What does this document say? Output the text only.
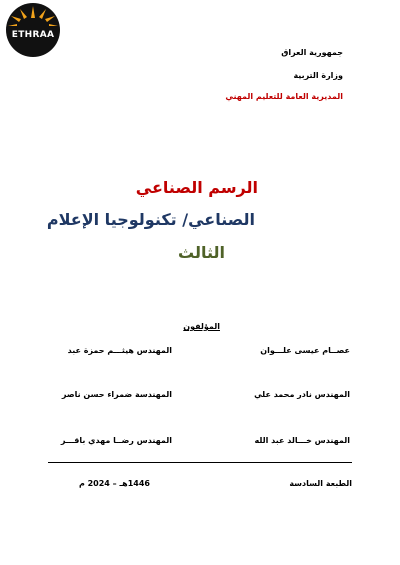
ETHRAA
جمهورية العراق
وزارة التربية
المديرية العامة للتعليم المهني
الرسم الصناعي
الصناعي/ تكنولوجيا الإعلام
الثالث
المؤلفون
عصــام عيسى علـــوان
المهندس هيثـــم حمزة عبد
المهندس نادر محمد علي
المهندسة ضمراء حسن ناصر
المهندس خـــالد عبد الله
المهندس رضــا مهدي باقـــر
الطبعة السادسة
1446هـ – 2024 م
